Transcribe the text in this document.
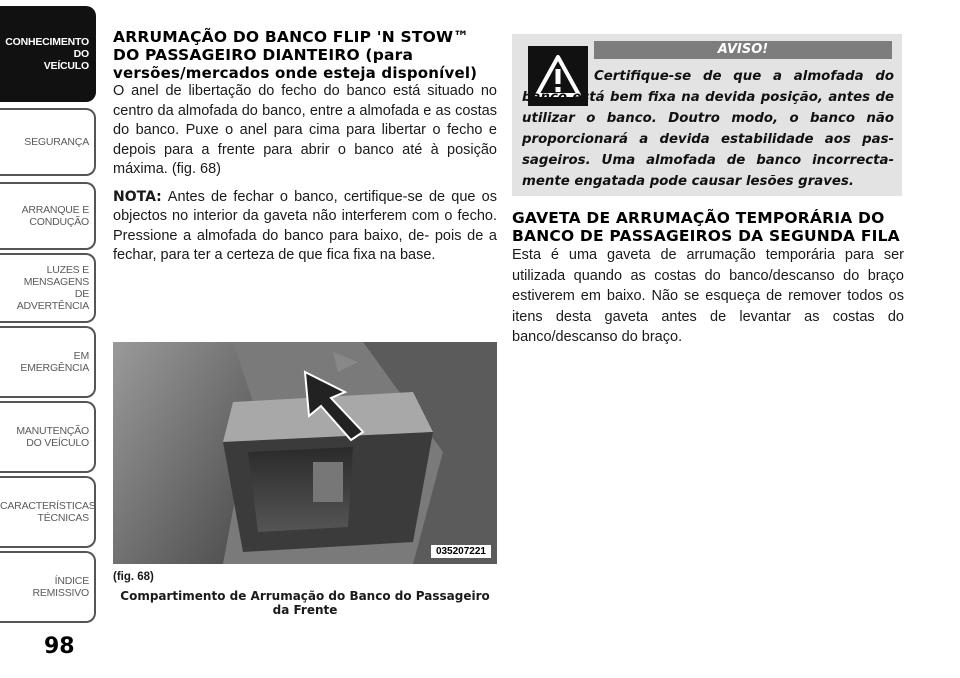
CONHECIMENTO
DO
VEÍCULO
SEGURANÇA
ARRANQUE E
CONDUÇÃO
LUZES E
MENSAGENS
DE
ADVERTÊNCIA
EM
EMERGÊNCIA
MANUTENÇÃO
DO VEÍCULO
CARACTERÍSTICAS
TÉCNICAS
ÍNDICE
REMISSIVO
98
ARRUMAÇÃO DO BANCO FLIP 'N STOW™ DO PASSAGEIRO DIANTEIRO (para
versões/mercados onde esteja disponível)

O anel de libertação do fecho do banco está situado no centro da almofada do banco, entre a almofada e as costas do banco. Puxe o anel para cima para libertar o fecho e depois para a frente para abrir o banco até à posição máxima. (fig. 68)

NOTA: Antes de fechar o banco, certifique-se de que os objectos no interior da gaveta não interferem com o fecho. Pressione a almofada do banco para baixo, de- pois de a fechar, para ter a certeza de que fica fixa na base.

035207221
(fig. 68)
Compartimento de Arrumação do Banco do Passageiro da Frente
AVISO!
Certifique-se de que a almofada do banco está bem fixa na devida posição, antes de utilizar o banco. Doutro modo, o banco não proporcionará a devida estabilidade aos pas- sageiros. Uma almofada de banco incorrecta- mente engatada pode causar lesões graves.
GAVETA DE ARRUMAÇÃO TEMPORÁRIA DO BANCO DE PASSAGEIROS DA SEGUNDA FILA

Esta é uma gaveta de arrumação temporária para ser utilizada quando as costas do banco/descanso do braço estiverem em baixo. Não se esqueça de remover todos os itens desta gaveta antes de levantar as costas do banco/descanso do braço.
